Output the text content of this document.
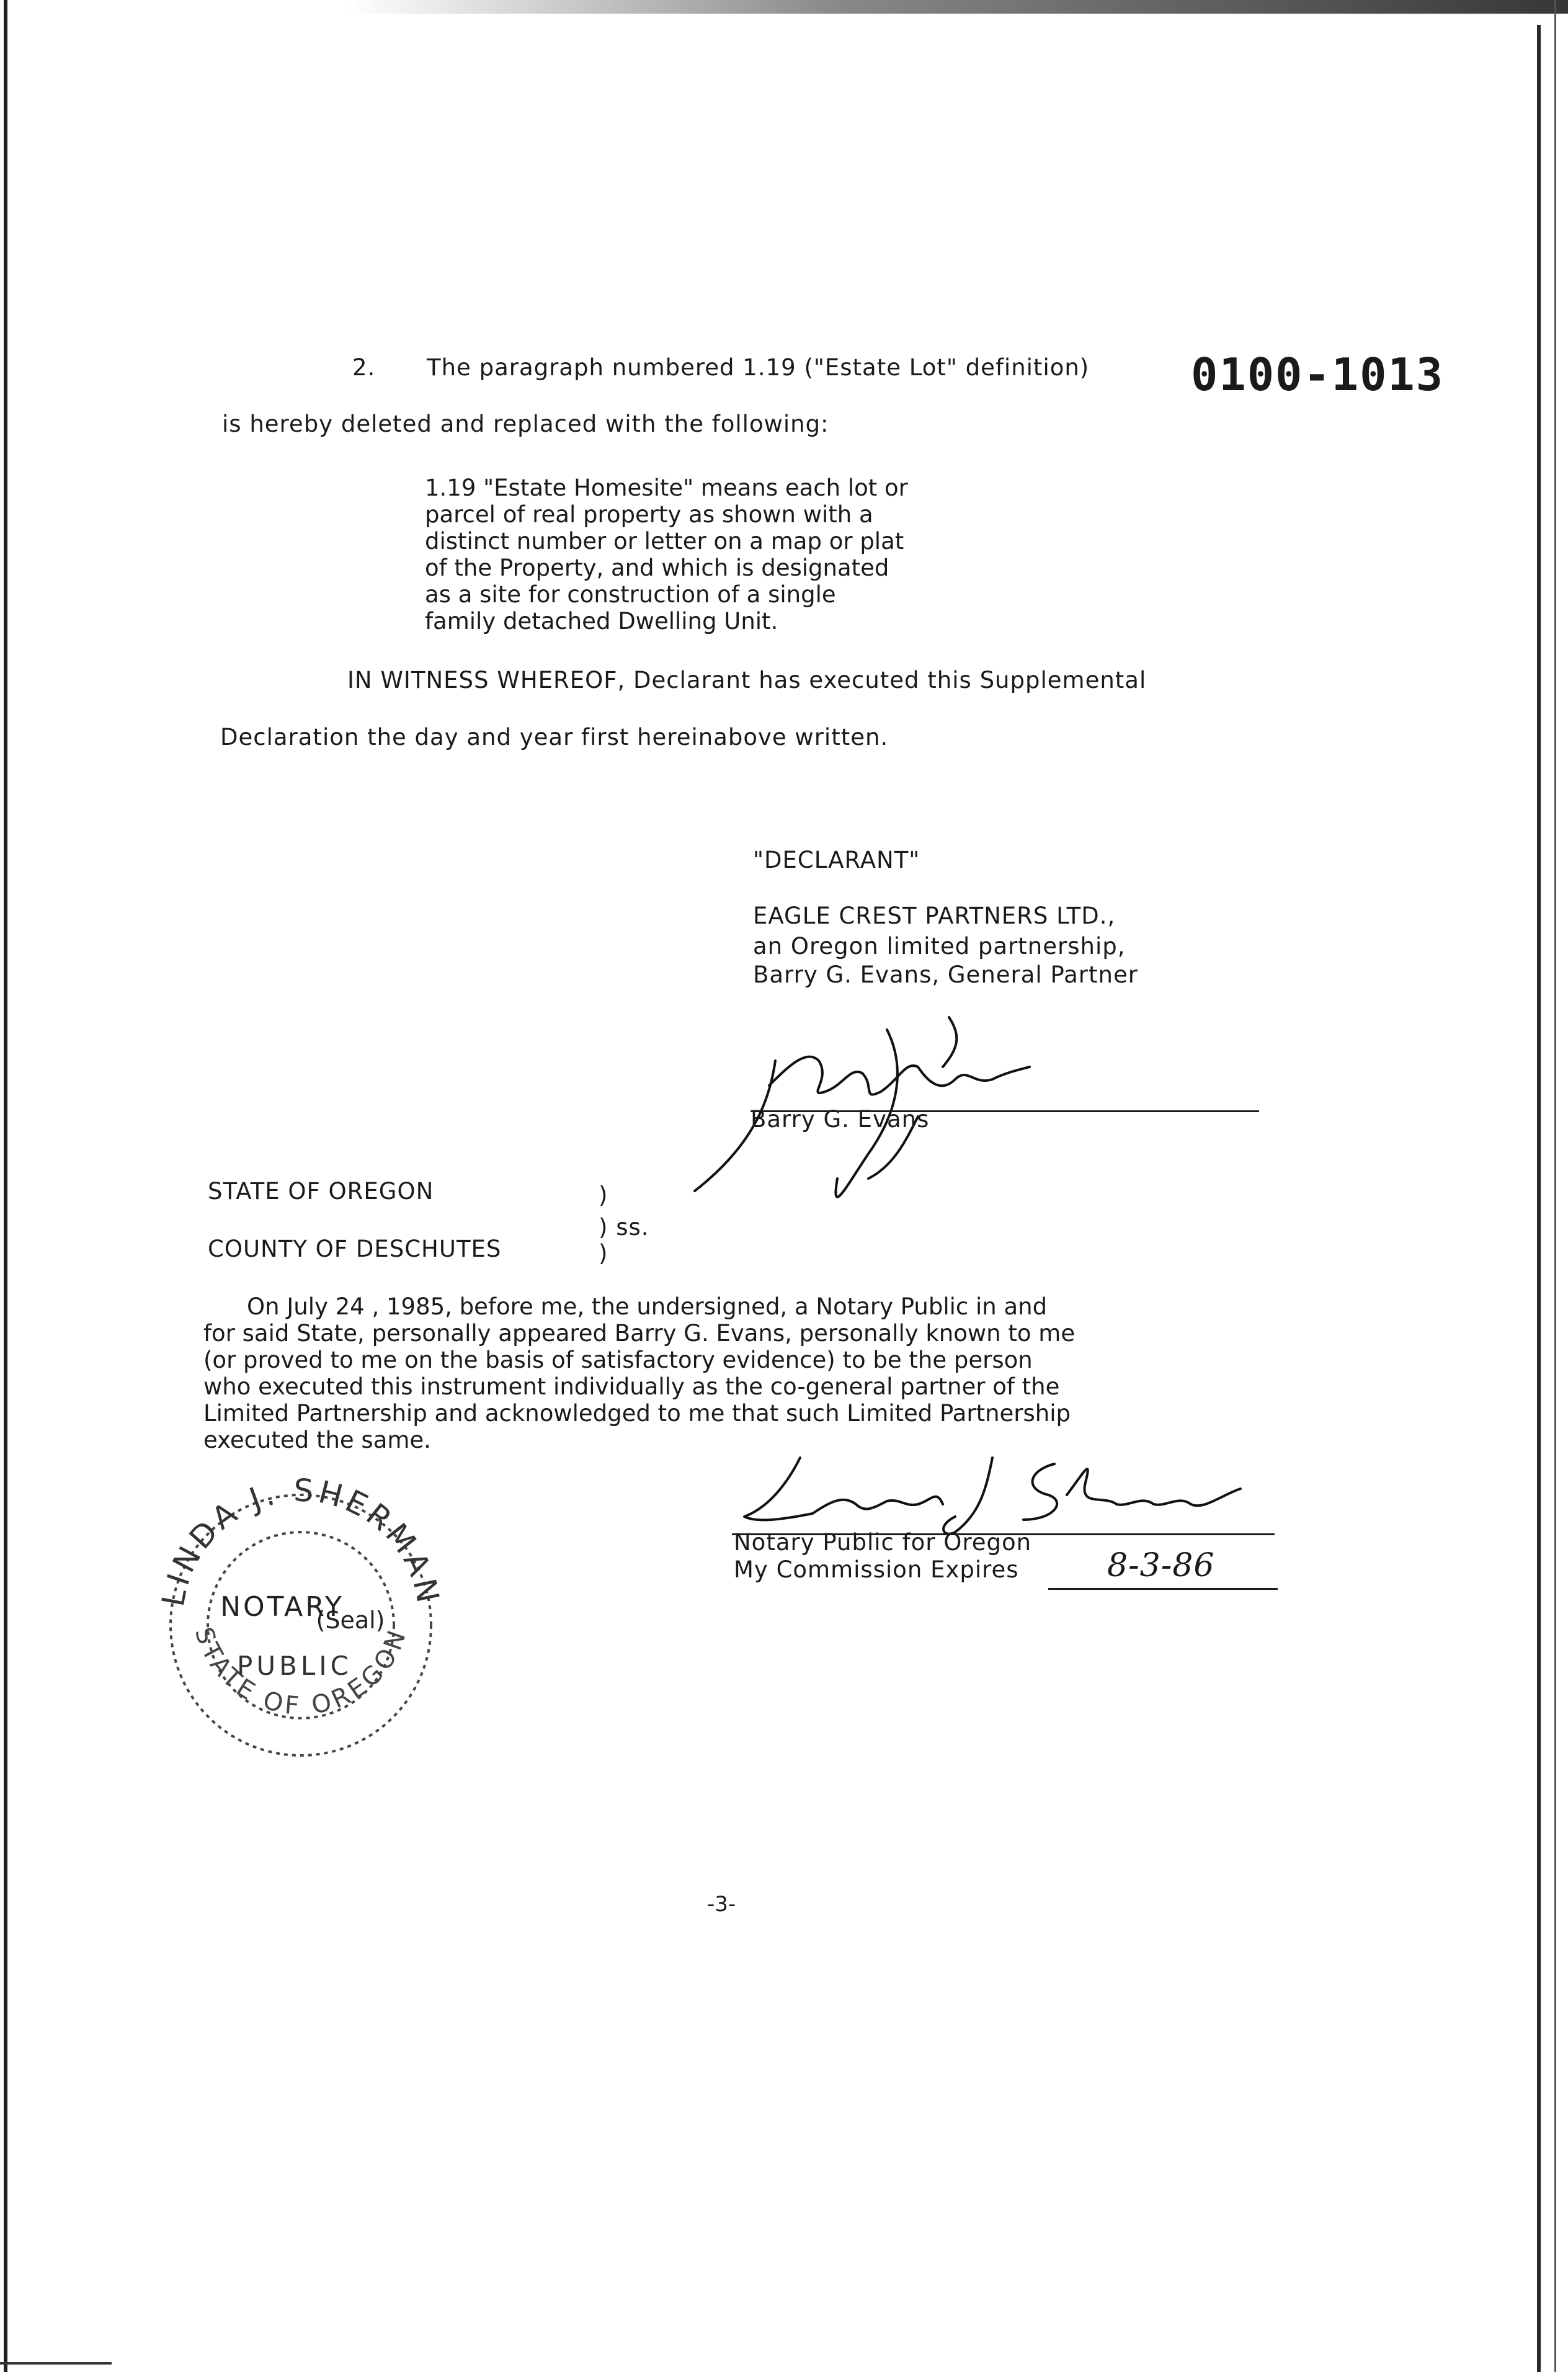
2. The paragraph numbered 1.19 ("Estate Lot" definition) 0100-1013
is hereby deleted and replaced with the following:
1.19 "Estate Homesite" means each lot or
parcel of real property as shown with a
distinct number or letter on a map or plat
of the Property, and which is designated
as a site for construction of a single
family detached Dwelling Unit.
IN WITNESS WHEREOF, Declarant has executed this Supplemental
Declaration the day and year first hereinabove written.
"DECLARANT"
EAGLE CREST PARTNERS LTD.,
an Oregon limited partnership,
Barry G. Evans, General Partner
Barry G. Evans
STATE OF OREGON	)
) ss.
COUNTY OF DESCHUTES	)
On July 24 , 1985, before me, the undersigned, a Notary Public in and
for said State, personally appeared Barry G. Evans, personally known to me
(or proved to me on the basis of satisfactory evidence) to be the person
who executed this instrument individually as the co-general partner of the
Limited Partnership and acknowledged to me that such Limited Partnership
executed the same.
Notary Public for Oregon
My Commission Expires	8-3-86
LINDA J. SHERMAN
STATE OF OREGON
NOTARY
(Seal)
PUBLIC
-3-
